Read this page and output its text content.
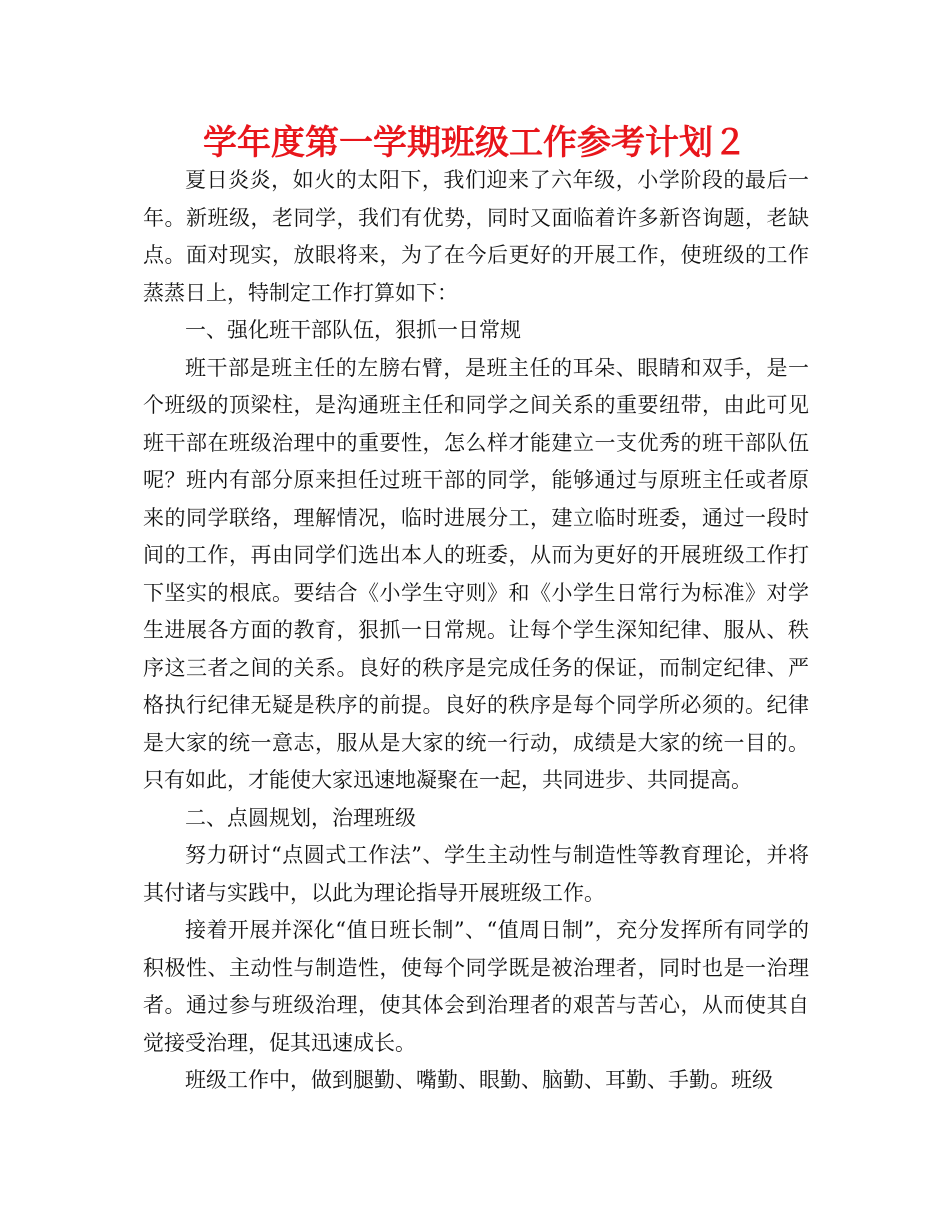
学年度第一学期班级工作参考计划２

夏日炎炎，如火的太阳下，我们迎来了六年级，小学阶段的最后一年。新班级，老同学，我们有优势，同时又面临着许多新咨询题，老缺点。面对现实，放眼将来，为了在今后更好的开展工作，使班级的工作蒸蒸日上，特制定工作打算如下：

一、强化班干部队伍，狠抓一日常规

班干部是班主任的左膀右臂，是班主任的耳朵、眼睛和双手，是一个班级的顶梁柱，是沟通班主任和同学之间关系的重要纽带，由此可见班干部在班级治理中的重要性，怎么样才能建立一支优秀的班干部队伍呢？班内有部分原来担任过班干部的同学，能够通过与原班主任或者原来的同学联络，理解情况，临时进展分工，建立临时班委，通过一段时间的工作，再由同学们选出本人的班委，从而为更好的开展班级工作打下坚实的根底。要结合《小学生守则》和《小学生日常行为标准》对学生进展各方面的教育，狠抓一日常规。让每个学生深知纪律、服从、秩序这三者之间的关系。良好的秩序是完成任务的保证，而制定纪律、严格执行纪律无疑是秩序的前提。良好的秩序是每个同学所必须的。纪律是大家的统一意志，服从是大家的统一行动，成绩是大家的统一目的。只有如此，才能使大家迅速地凝聚在一起，共同进步、共同提高。

二、点圆规划，治理班级

努力研讨“点圆式工作法”、学生主动性与制造性等教育理论，并将其付诸与实践中，以此为理论指导开展班级工作。

接着开展并深化“值日班长制”、“值周日制”，充分发挥所有同学的积极性、主动性与制造性，使每个同学既是被治理者，同时也是一治理者。通过参与班级治理，使其体会到治理者的艰苦与苦心，从而使其自觉接受治理，促其迅速成长。

班级工作中，做到腿勤、嘴勤、眼勤、脑勤、耳勤、手勤。班级
